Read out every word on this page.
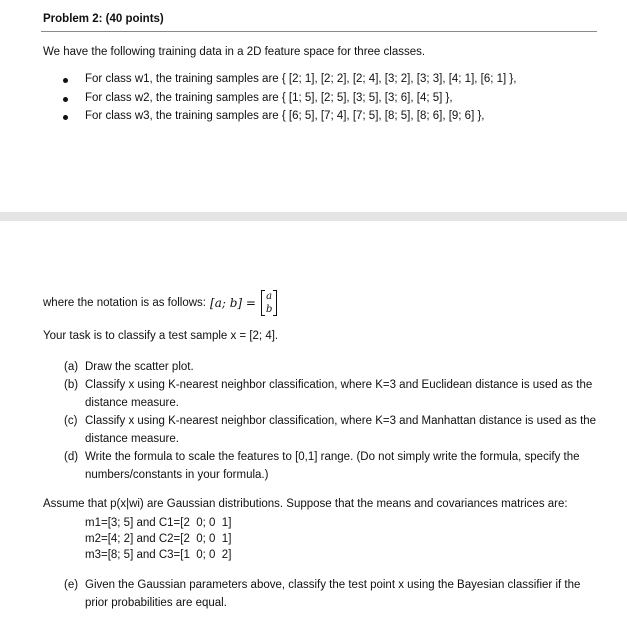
Problem 2: (40 points)
We have the following training data in a 2D feature space for three classes.
For class w1, the training samples are { [2; 1], [2; 2], [2; 4], [3; 2], [3; 3], [4; 1], [6; 1] },
For class w2, the training samples are { [1; 5], [2; 5], [3; 5], [3; 6], [4; 5] },
For class w3, the training samples are { [6; 5], [7; 4], [7; 5], [8; 5], [8; 6], [9; 6] },
where the notation is as follows: [a; b] = a
b
Your task is to classify a test sample x = [2; 4].
(a) Draw the scatter plot.
(b) Classify x using K-nearest neighbor classification, where K=3 and Euclidean distance is used as the distance measure.
(c) Classify x using K-nearest neighbor classification, where K=3 and Manhattan distance is used as the distance measure.
(d) Write the formula to scale the features to [0,1] range. (Do not simply write the formula, specify the numbers/constants in your formula.)
Assume that p(x|wi) are Gaussian distributions. Suppose that the means and covariances matrices are:
m1=[3; 5] and C1=[2  0; 0  1]
m2=[4; 2] and C2=[2  0; 0  1]
m3=[8; 5] and C3=[1  0; 0  2]
(e) Given the Gaussian parameters above, classify the test point x using the Bayesian classifier if the prior probabilities are equal.
